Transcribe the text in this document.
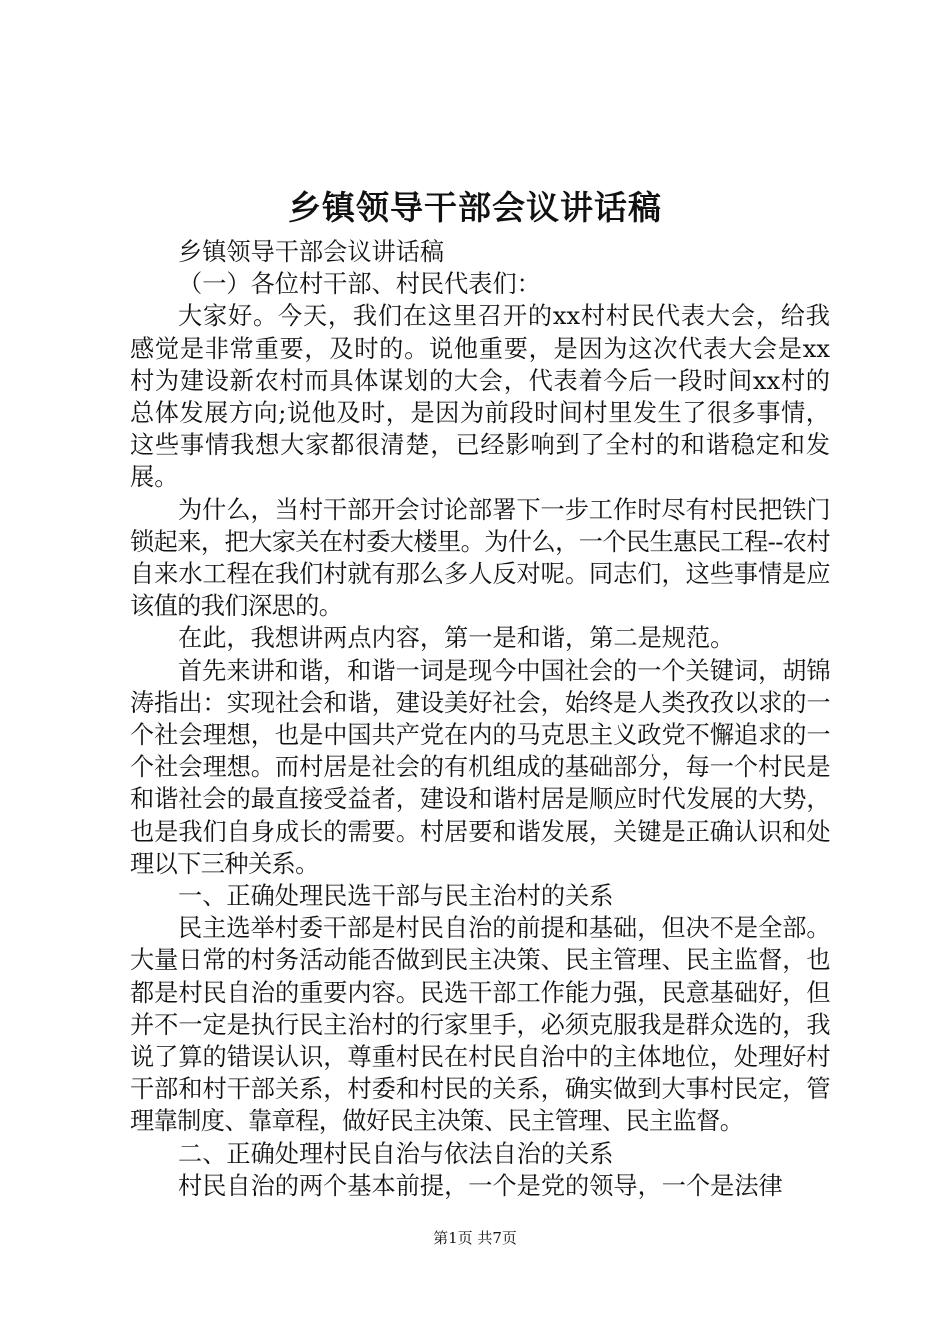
乡镇领导干部会议讲话稿

乡镇领导干部会议讲话稿

（一）各位村干部、村民代表们：

大家好。今天，我们在这里召开的xx村村民代表大会，给我感觉是非常重要，及时的。说他重要，是因为这次代表大会是xx村为建设新农村而具体谋划的大会，代表着今后一段时间xx村的总体发展方向;说他及时，是因为前段时间村里发生了很多事情，这些事情我想大家都很清楚，已经影响到了全村的和谐稳定和发展。

为什么，当村干部开会讨论部署下一步工作时尽有村民把铁门锁起来，把大家关在村委大楼里。为什么，一个民生惠民工程--农村自来水工程在我们村就有那么多人反对呢。同志们，这些事情是应该值的我们深思的。

在此，我想讲两点内容，第一是和谐，第二是规范。

首先来讲和谐，和谐一词是现今中国社会的一个关键词，胡锦涛指出：实现社会和谐，建设美好社会，始终是人类孜孜以求的一个社会理想，也是中国共产党在内的马克思主义政党不懈追求的一个社会理想。而村居是社会的有机组成的基础部分，每一个村民是和谐社会的最直接受益者，建设和谐村居是顺应时代发展的大势，也是我们自身成长的需要。村居要和谐发展，关键是正确认识和处理以下三种关系。

一、正确处理民选干部与民主治村的关系

民主选举村委干部是村民自治的前提和基础，但决不是全部。大量日常的村务活动能否做到民主决策、民主管理、民主监督，也都是村民自治的重要内容。民选干部工作能力强，民意基础好，但并不一定是执行民主治村的行家里手，必须克服我是群众选的，我说了算的错误认识，尊重村民在村民自治中的主体地位，处理好村干部和村干部关系，村委和村民的关系，确实做到大事村民定，管理靠制度、靠章程，做好民主决策、民主管理、民主监督。

二、正确处理村民自治与依法自治的关系

村民自治的两个基本前提，一个是党的领导，一个是法律

第1页 共7页
